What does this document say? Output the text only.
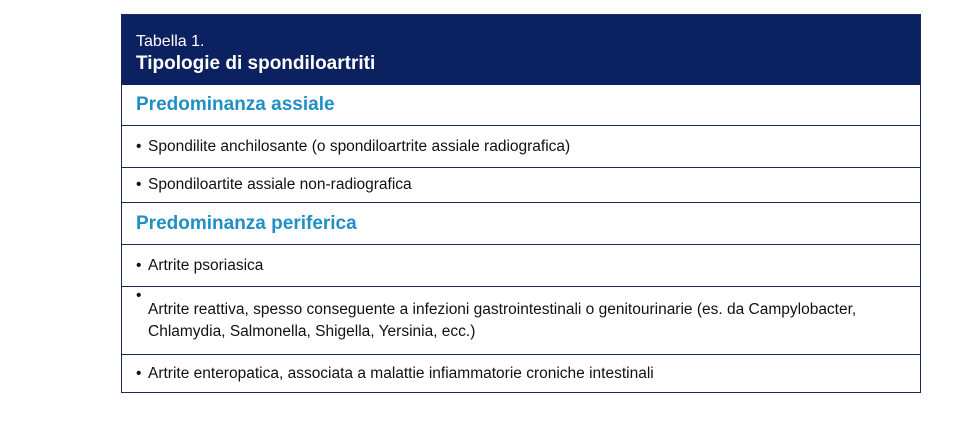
Tabella 1.
Tipologie di spondiloartriti
Predominanza assiale
• Spondilite anchilosante (o spondiloartrite assiale radiografica)
• Spondiloartite assiale non-radiografica
Predominanza periferica
• Artrite psoriasica
•
Artrite reattiva, spesso conseguente a infezioni gastrointestinali o genitourinarie (es. da Campylobacter, Chlamydia, Salmonella, Shigella, Yersinia, ecc.)
• Artrite enteropatica, associata a malattie infiammatorie croniche intestinali
